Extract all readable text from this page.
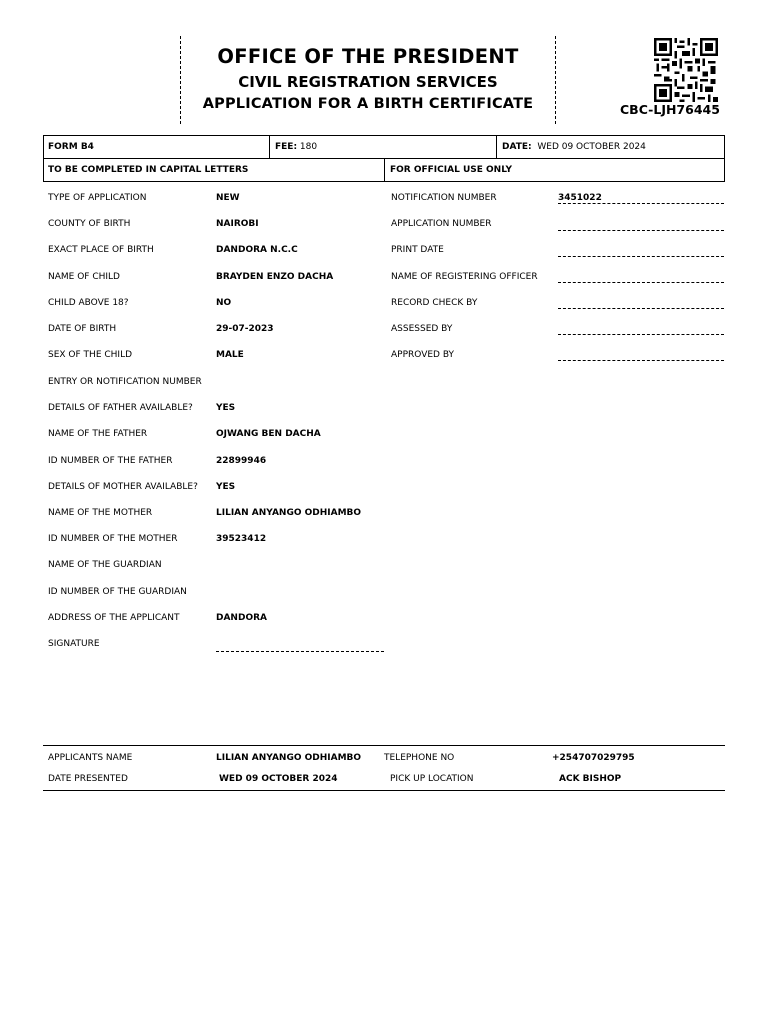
OFFICE OF THE PRESIDENT
CIVIL REGISTRATION SERVICES
APPLICATION FOR A BIRTH CERTIFICATE	CBC-LJH76445
FORM B4	FEE: 180	DATE: WED 09 OCTOBER 2024
TO BE COMPLETED IN CAPITAL LETTERS	FOR OFFICIAL USE ONLY
TYPE OF APPLICATION	NEW
COUNTY OF BIRTH	NAIROBI
EXACT PLACE OF BIRTH	DANDORA N.C.C
NAME OF CHILD	BRAYDEN ENZO DACHA
CHILD ABOVE 18?	NO
DATE OF BIRTH	29-07-2023
SEX OF THE CHILD	MALE
ENTRY OR NOTIFICATION NUMBER
DETAILS OF FATHER AVAILABLE?	YES
NAME OF THE FATHER	OJWANG BEN DACHA
ID NUMBER OF THE FATHER	22899946
DETAILS OF MOTHER AVAILABLE? YES
NAME OF THE MOTHER	LILIAN ANYANGO ODHIAMBO
ID NUMBER OF THE MOTHER	39523412
NAME OF THE GUARDIAN
ID NUMBER OF THE GUARDIAN
ADDRESS OF THE APPLICANT	DANDORA
SIGNATURE
NOTIFICATION NUMBER	3451022
APPLICATION NUMBER
PRINT DATE
NAME OF REGISTERING OFFICER
RECORD CHECK BY
ASSESSED BY
APPROVED BY
APPLICANTS NAME	LILIAN ANYANGO ODHIAMBO	TELEPHONE NO	+254707029795
DATE PRESENTED	WED 09 OCTOBER 2024	PICK UP LOCATION	ACK BISHOP
